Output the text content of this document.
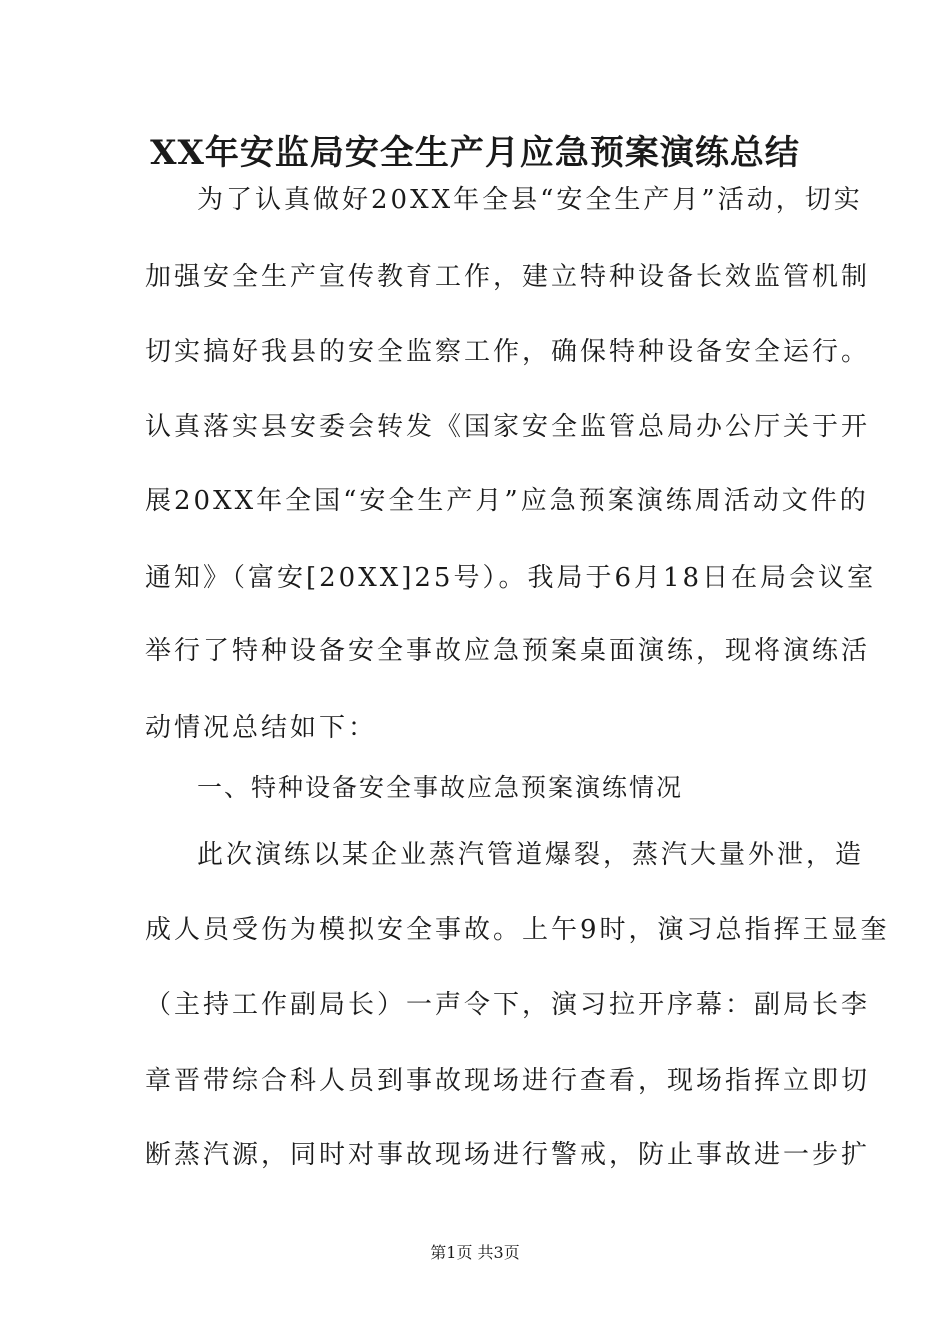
XX年安监局安全生产月应急预案演练总结
为了认真做好20XX年全县“安全生产月”活动，切实
加强安全生产宣传教育工作，建立特种设备长效监管机制
切实搞好我县的安全监察工作，确保特种设备安全运行。
认真落实县安委会转发《国家安全监管总局办公厅关于开
展20XX年全国“安全生产月”应急预案演练周活动文件的
通知》（富安[20XX]25号）。我局于6月18日在局会议室
举行了特种设备安全事故应急预案桌面演练，现将演练活
动情况总结如下：
一、特种设备安全事故应急预案演练情况
此次演练以某企业蒸汽管道爆裂，蒸汽大量外泄，造
成人员受伤为模拟安全事故。上午9时，演习总指挥王显奎
（主持工作副局长）一声令下，演习拉开序幕：副局长李
章晋带综合科人员到事故现场进行查看，现场指挥立即切
断蒸汽源，同时对事故现场进行警戒，防止事故进一步扩
第1页 共3页
